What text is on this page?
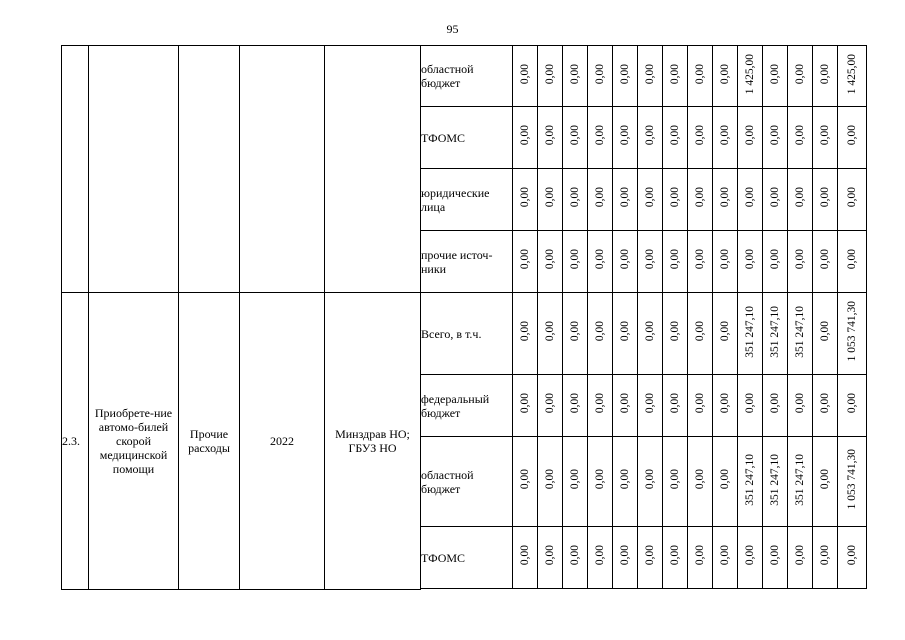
95
					областной бюджет	0,00	0,00	0,00	0,00	0,00	0,00	0,00	0,00	0,00	1 425,00	0,00	0,00	0,00	1 425,00
					ТФОМС	0,00	0,00	0,00	0,00	0,00	0,00	0,00	0,00	0,00	0,00	0,00	0,00	0,00	0,00
					юридические лица	0,00	0,00	0,00	0,00	0,00	0,00	0,00	0,00	0,00	0,00	0,00	0,00	0,00	0,00
					прочие источ-ники	0,00	0,00	0,00	0,00	0,00	0,00	0,00	0,00	0,00	0,00	0,00	0,00	0,00	0,00
2.3.	Приобрете-ние автомо-билей скорой медицинской помощи	Прочие расходы	2022	Минздрав НО; ГБУЗ НО	Всего, в т.ч.	0,00	0,00	0,00	0,00	0,00	0,00	0,00	0,00	0,00	351 247,10	351 247,10	351 247,10	0,00	1 053 741,30
					федеральный бюджет	0,00	0,00	0,00	0,00	0,00	0,00	0,00	0,00	0,00	0,00	0,00	0,00	0,00	0,00
					областной бюджет	0,00	0,00	0,00	0,00	0,00	0,00	0,00	0,00	0,00	351 247,10	351 247,10	351 247,10	0,00	1 053 741,30
					ТФОМС	0,00	0,00	0,00	0,00	0,00	0,00	0,00	0,00	0,00	0,00	0,00	0,00	0,00	0,00
